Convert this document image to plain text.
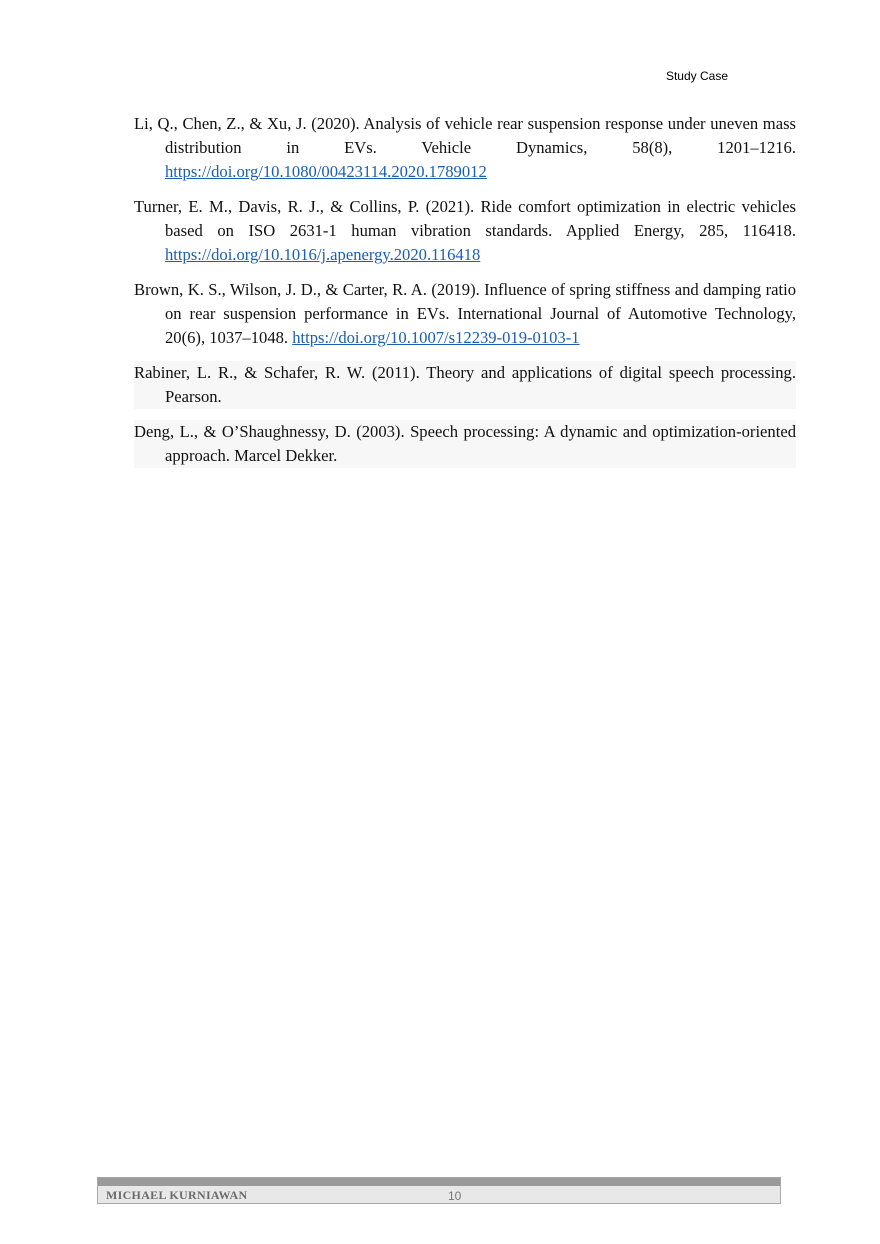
Study Case

Li, Q., Chen, Z., & Xu, J. (2020). Analysis of vehicle rear suspension response under uneven mass distribution in EVs. Vehicle Dynamics, 58(8), 1201–1216. https://doi.org/10.1080/00423114.2020.1789012

Turner, E. M., Davis, R. J., & Collins, P. (2021). Ride comfort optimization in electric vehicles based on ISO 2631-1 human vibration standards. Applied Energy, 285, 116418. https://doi.org/10.1016/j.apenergy.2020.116418

Brown, K. S., Wilson, J. D., & Carter, R. A. (2019). Influence of spring stiffness and damping ratio on rear suspension performance in EVs. International Journal of Automotive Technology, 20(6), 1037–1048. https://doi.org/10.1007/s12239-019-0103-1

Rabiner, L. R., & Schafer, R. W. (2011). Theory and applications of digital speech processing. Pearson.

Deng, L., & O’Shaughnessy, D. (2003). Speech processing: A dynamic and optimization-oriented approach. Marcel Dekker.

MICHAEL KURNIAWAN	10
